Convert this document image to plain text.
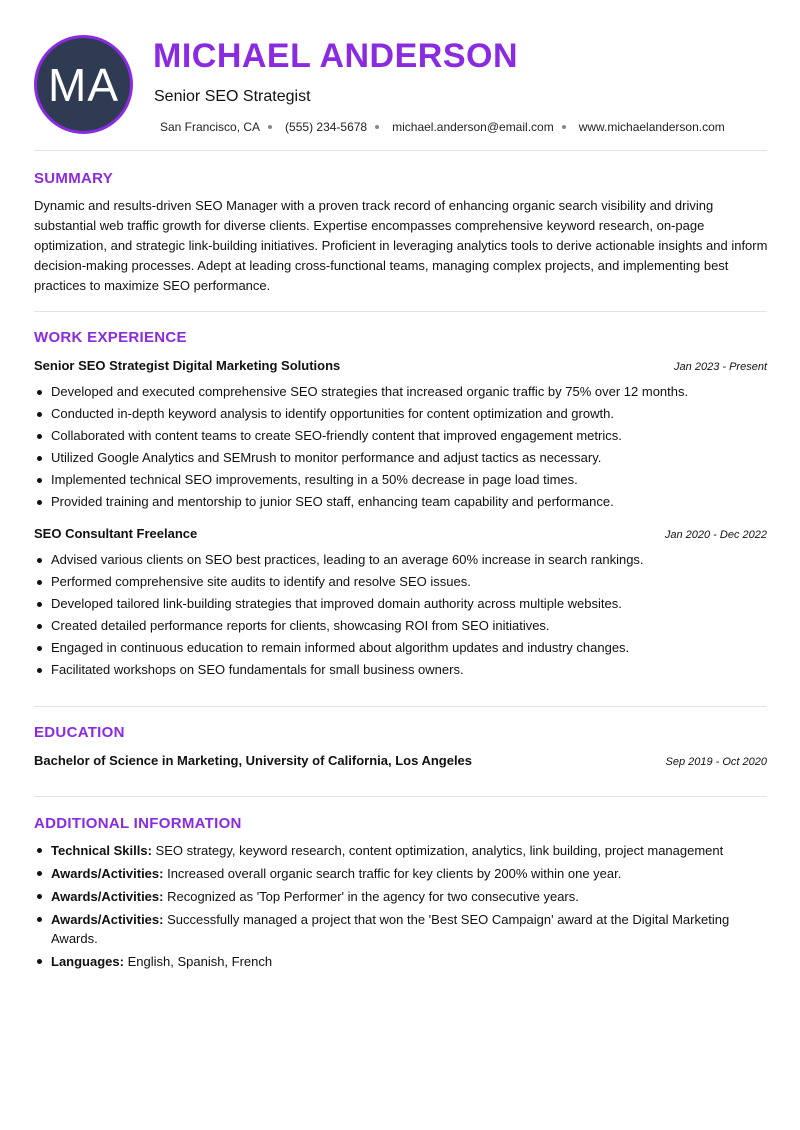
MA
MICHAEL ANDERSON
Senior SEO Strategist
San Francisco, CA (555) 234-5678 michael.anderson@email.com www.michaelanderson.com
SUMMARY

Dynamic and results-driven SEO Manager with a proven track record of enhancing organic search visibility and driving substantial web traffic growth for diverse clients. Expertise encompasses comprehensive keyword research, on-page optimization, and strategic link-building initiatives. Proficient in leveraging analytics tools to derive actionable insights and inform decision-making processes. Adept at leading cross-functional teams, managing complex projects, and implementing best practices to maximize SEO performance.

WORK EXPERIENCE
Senior SEO Strategist Digital Marketing Solutions	Jan 2023 - Present
Developed and executed comprehensive SEO strategies that increased organic traffic by 75% over 12 months.
Conducted in-depth keyword analysis to identify opportunities for content optimization and growth.
Collaborated with content teams to create SEO-friendly content that improved engagement metrics.
Utilized Google Analytics and SEMrush to monitor performance and adjust tactics as necessary.
Implemented technical SEO improvements, resulting in a 50% decrease in page load times.
Provided training and mentorship to junior SEO staff, enhancing team capability and performance.
SEO Consultant Freelance	Jan 2020 - Dec 2022
Advised various clients on SEO best practices, leading to an average 60% increase in search rankings.
Performed comprehensive site audits to identify and resolve SEO issues.
Developed tailored link-building strategies that improved domain authority across multiple websites.
Created detailed performance reports for clients, showcasing ROI from SEO initiatives.
Engaged in continuous education to remain informed about algorithm updates and industry changes.
Facilitated workshops on SEO fundamentals for small business owners.
EDUCATION
Bachelor of Science in Marketing, University of California, Los Angeles	Sep 2019 - Oct 2020
ADDITIONAL INFORMATION
Technical Skills: SEO strategy, keyword research, content optimization, analytics, link building, project management
Awards/Activities: Increased overall organic search traffic for key clients by 200% within one year.
Awards/Activities: Recognized as 'Top Performer' in the agency for two consecutive years.
Awards/Activities: Successfully managed a project that won the 'Best SEO Campaign' award at the Digital Marketing Awards.
Languages: English, Spanish, French
